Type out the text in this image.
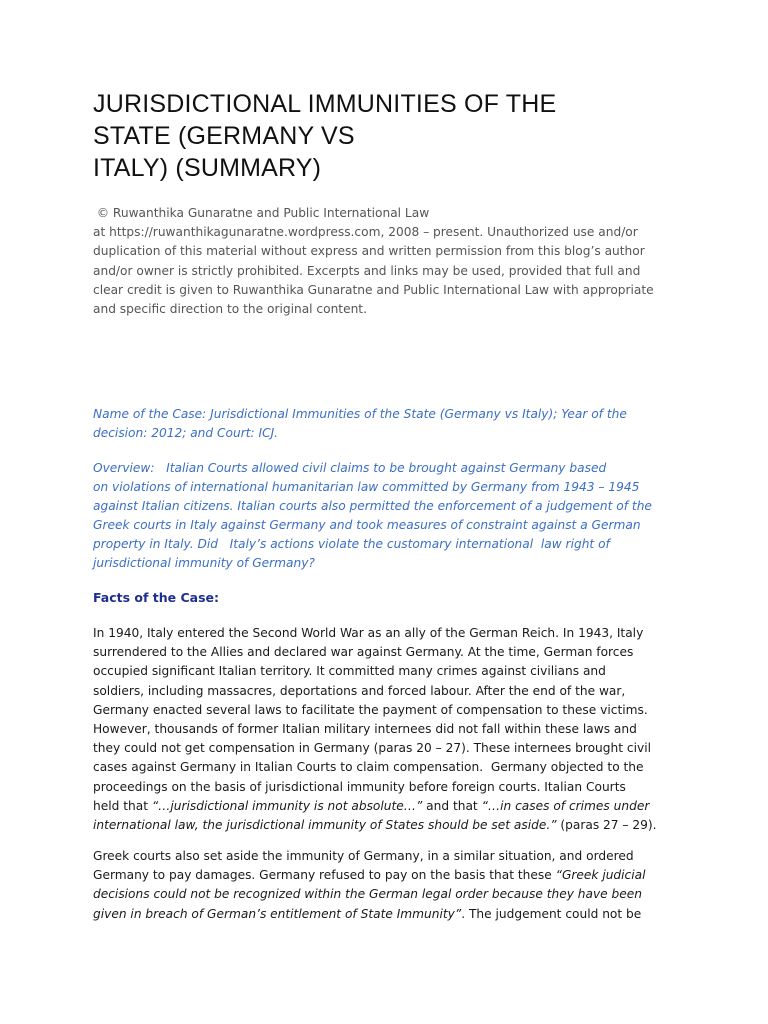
JURISDICTIONAL IMMUNITIES OF THE
STATE (GERMANY VS
ITALY) (SUMMARY)
© Ruwanthika Gunaratne and Public International Law
at https://ruwanthikagunaratne.wordpress.com, 2008 – present. Unauthorized use and/or
duplication of this material without express and written permission from this blog’s author
and/or owner is strictly prohibited. Excerpts and links may be used, provided that full and
clear credit is given to Ruwanthika Gunaratne and Public International Law with appropriate
and specific direction to the original content.
Name of the Case: Jurisdictional Immunities of the State (Germany vs Italy); Year of the
decision: 2012; and Court: ICJ.
Overview:   Italian Courts allowed civil claims to be brought against Germany based
on violations of international humanitarian law committed by Germany from 1943 – 1945
against Italian citizens. Italian courts also permitted the enforcement of a judgement of the
Greek courts in Italy against Germany and took measures of constraint against a German
property in Italy. Did   Italy’s actions violate the customary international  law right of
jurisdictional immunity of Germany?
Facts of the Case:
In 1940, Italy entered the Second World War as an ally of the German Reich. In 1943, Italy
surrendered to the Allies and declared war against Germany. At the time, German forces
occupied significant Italian territory. It committed many crimes against civilians and
soldiers, including massacres, deportations and forced labour. After the end of the war,
Germany enacted several laws to facilitate the payment of compensation to these victims.
However, thousands of former Italian military internees did not fall within these laws and
they could not get compensation in Germany (paras 20 – 27). These internees brought civil
cases against Germany in Italian Courts to claim compensation.  Germany objected to the
proceedings on the basis of jurisdictional immunity before foreign courts. Italian Courts
held that “…jurisdictional immunity is not absolute…” and that “…in cases of crimes under
international law, the jurisdictional immunity of States should be set aside.” (paras 27 – 29).
Greek courts also set aside the immunity of Germany, in a similar situation, and ordered
Germany to pay damages. Germany refused to pay on the basis that these “Greek judicial
decisions could not be recognized within the German legal order because they have been
given in breach of German’s entitlement of State Immunity”. The judgement could not be
